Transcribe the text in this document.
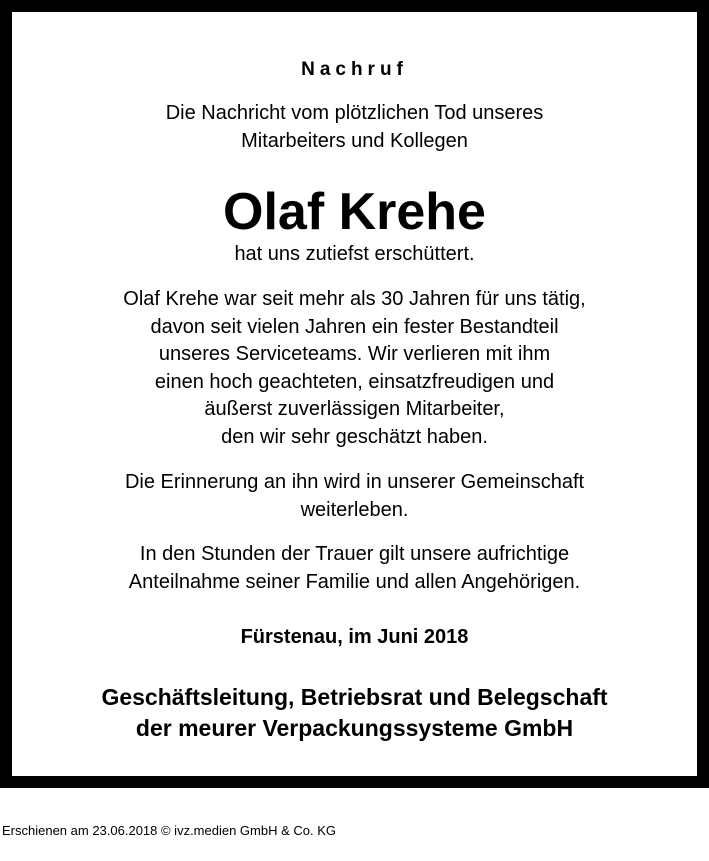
Nachruf
Die Nachricht vom plötzlichen Tod unseres
Mitarbeiters und Kollegen
Olaf Krehe
hat uns zutiefst erschüttert.
Olaf Krehe war seit mehr als 30 Jahren für uns tätig,
davon seit vielen Jahren ein fester Bestandteil
unseres Serviceteams. Wir verlieren mit ihm
einen hoch geachteten, einsatzfreudigen und
äußerst zuverlässigen Mitarbeiter,
den wir sehr geschätzt haben.
Die Erinnerung an ihn wird in unserer Gemeinschaft
weiterleben.
In den Stunden der Trauer gilt unsere aufrichtige
Anteilnahme seiner Familie und allen Angehörigen.
Fürstenau, im Juni 2018
Geschäftsleitung, Betriebsrat und Belegschaft
der meurer Verpackungssysteme GmbH
Erschienen am 23.06.2018 © ivz.medien GmbH & Co. KG
